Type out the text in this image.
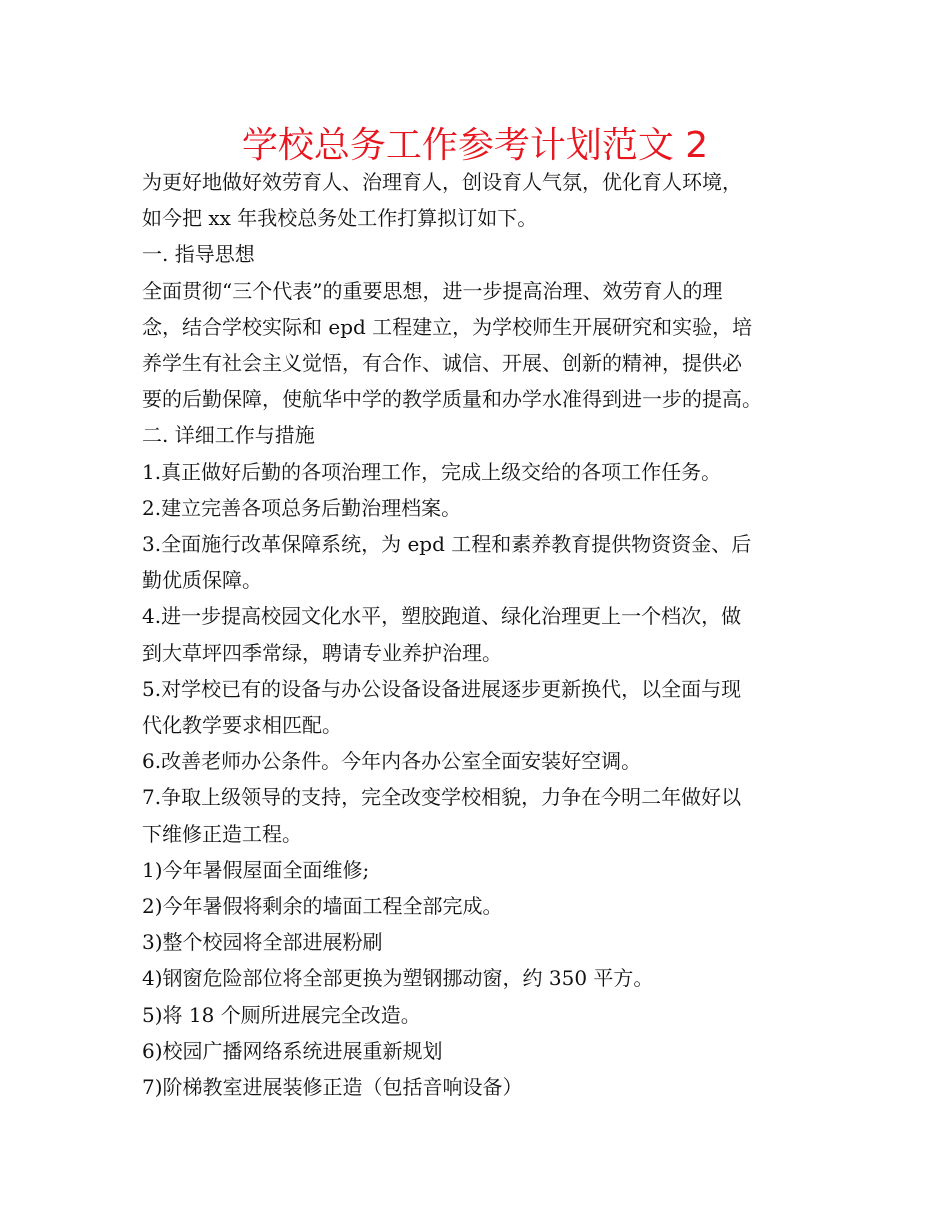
学校总务工作参考计划范文 2

为更好地做好效劳育人、治理育人，创设育人气氛，优化育人环境，

如今把 xx 年我校总务处工作打算拟订如下。

一. 指导思想

全面贯彻“三个代表”的重要思想，进一步提高治理、效劳育人的理

念，结合学校实际和 epd 工程建立，为学校师生开展研究和实验，培

养学生有社会主义觉悟，有合作、诚信、开展、创新的精神，提供必

要的后勤保障，使航华中学的教学质量和办学水准得到进一步的提高。

二. 详细工作与措施

1.真正做好后勤的各项治理工作，完成上级交给的各项工作任务。

2.建立完善各项总务后勤治理档案。

3.全面施行改革保障系统，为 epd 工程和素养教育提供物资资金、后

勤优质保障。

4.进一步提高校园文化水平，塑胶跑道、绿化治理更上一个档次，做

到大草坪四季常绿，聘请专业养护治理。

5.对学校已有的设备与办公设备设备进展逐步更新换代，以全面与现

代化教学要求相匹配。

6.改善老师办公条件。今年内各办公室全面安装好空调。

7.争取上级领导的支持，完全改变学校相貌，力争在今明二年做好以

下维修正造工程。

1)今年暑假屋面全面维修;

2)今年暑假将剩余的墙面工程全部完成。

3)整个校园将全部进展粉刷

4)钢窗危险部位将全部更换为塑钢挪动窗，约 350 平方。

5)将 18 个厕所进展完全改造。

6)校园广播网络系统进展重新规划

7)阶梯教室进展装修正造（包括音响设备）
